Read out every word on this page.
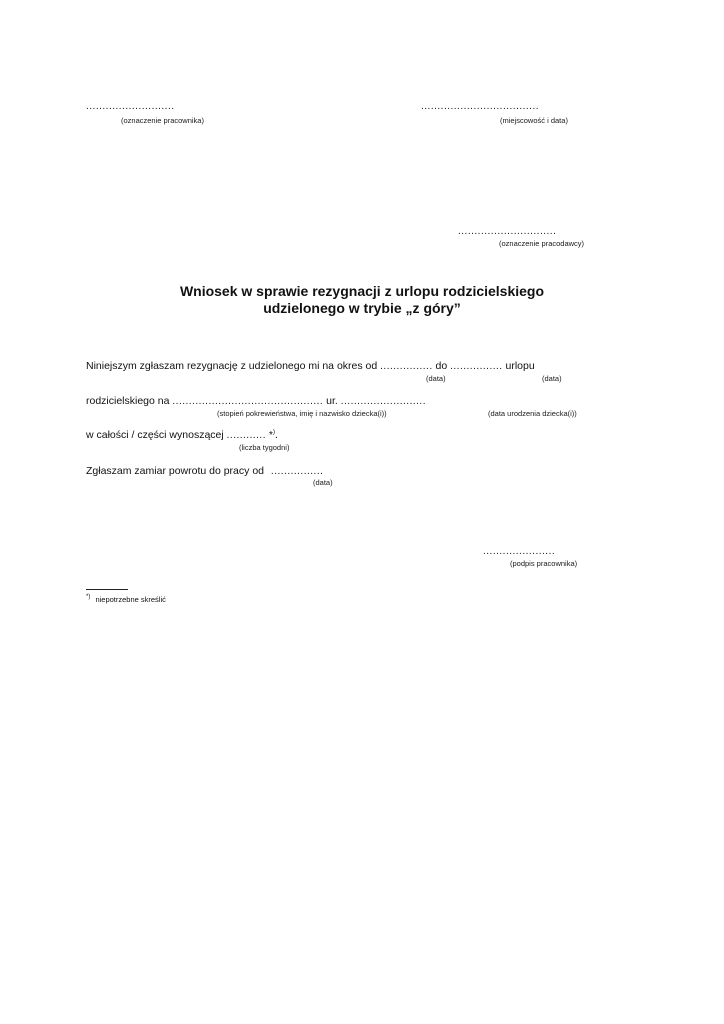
...........................
(oznaczenie pracownika)
....................................
(miejscowość i data)
..............................
(oznaczenie pracodawcy)
Wniosek w sprawie rezygnacji z urlopu rodzicielskiego
udzielonego w trybie „z góry”
Niniejszym zgłaszam rezygnację z udzielonego mi na okres od ................ do ................ urlopu
(data)	(data)
rodzicielskiego na .............................................. ur. ..........................
(stopień pokrewieństwa, imię i nazwisko dziecka(i))	(data urodzenia dziecka(i))
w całości / części wynoszącej ............ *).
(liczba tygodni)
Zgłaszam zamiar powrotu do pracy od ................
(data)
......................
(podpis pracownika)
*) niepotrzebne skreślić
